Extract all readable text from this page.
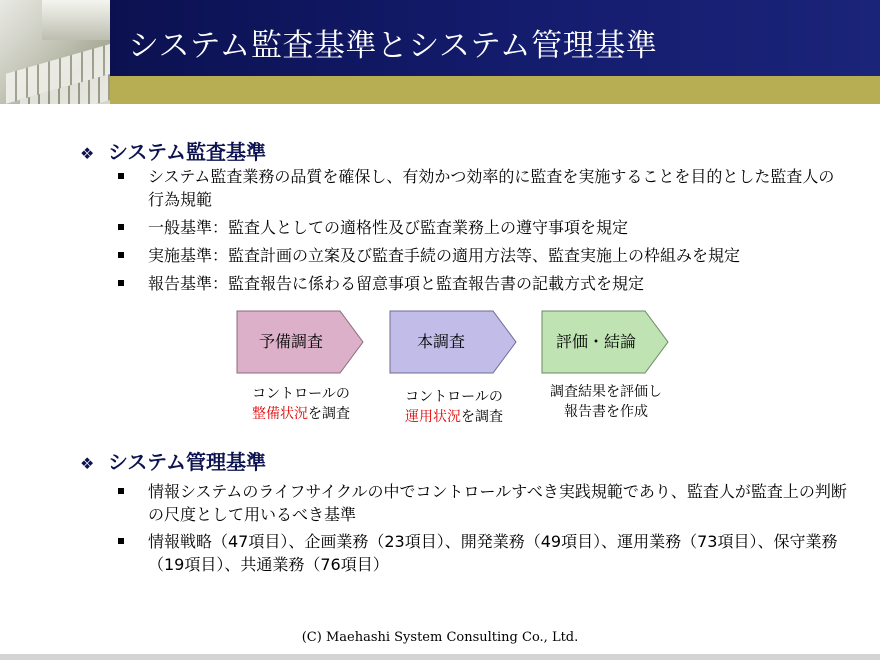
システム監査基準とシステム管理基準
❖ システム監査基準
システム監査業務の品質を確保し、有効かつ効率的に監査を実施することを目的とした監査人の行為規範
一般基準：監査人としての適格性及び監査業務上の遵守事項を規定
実施基準：監査計画の立案及び監査手続の適用方法等、監査実施上の枠組みを規定
報告基準：監査報告に係わる留意事項と監査報告書の記載方式を規定
予備調査	本調査	評価・結論
コントロールの
整備状況を調査
コントロールの
運用状況を調査
調査結果を評価し
報告書を作成
❖ システム管理基準
情報システムのライフサイクルの中でコントロールすべき実践規範であり、監査人が監査上の判断の尺度として用いるべき基準
情報戦略（47項目）、企画業務（23項目）、開発業務（49項目）、運用業務（73項目）、保守業務（19項目）、共通業務（76項目）
(C) Maehashi System Consulting Co., Ltd.
